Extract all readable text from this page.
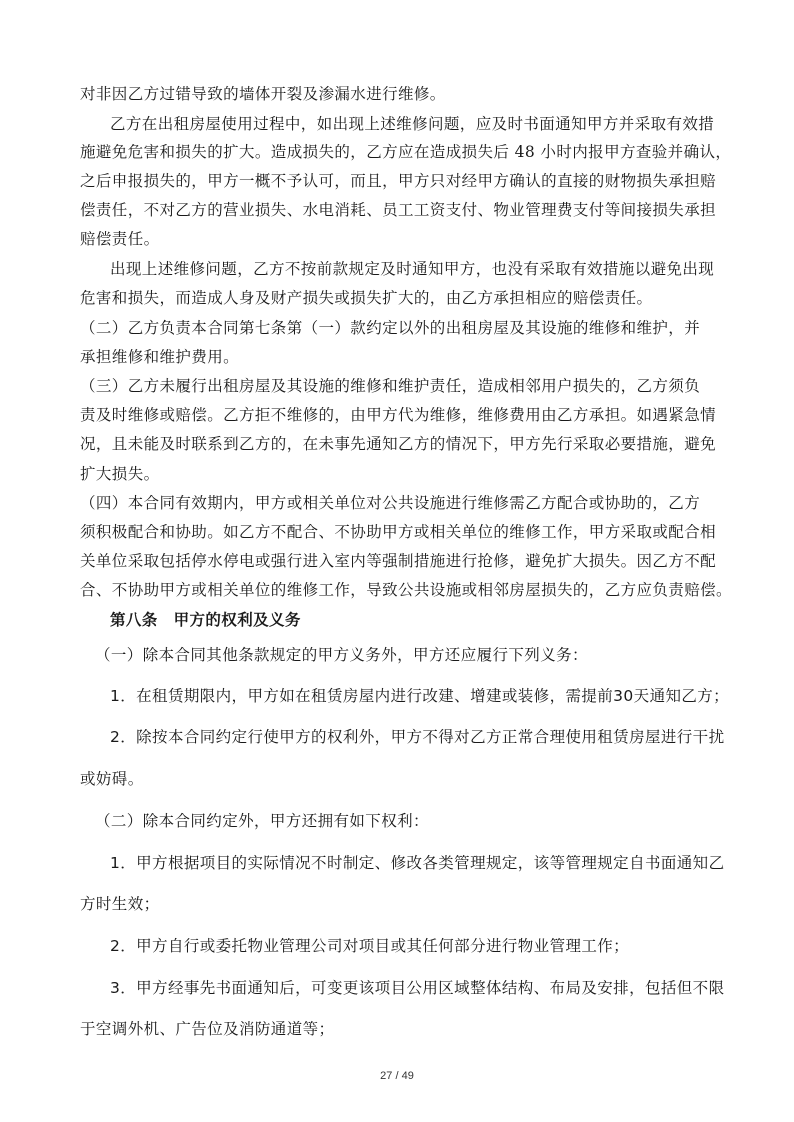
对非因乙方过错导致的墙体开裂及渗漏水进行维修。
乙方在出租房屋使用过程中，如出现上述维修问题，应及时书面通知甲方并采取有效措
施避免危害和损失的扩大。造成损失的，乙方应在造成损失后 48 小时内报甲方查验并确认，
之后申报损失的，甲方一概不予认可，而且，甲方只对经甲方确认的直接的财物损失承担赔
偿责任，不对乙方的营业损失、水电消耗、员工工资支付、物业管理费支付等间接损失承担
赔偿责任。
出现上述维修问题，乙方不按前款规定及时通知甲方，也没有采取有效措施以避免出现
危害和损失，而造成人身及财产损失或损失扩大的，由乙方承担相应的赔偿责任。
（二）乙方负责本合同第七条第（一）款约定以外的出租房屋及其设施的维修和维护，并
承担维修和维护费用。
（三）乙方未履行出租房屋及其设施的维修和维护责任，造成相邻用户损失的，乙方须负
责及时维修或赔偿。乙方拒不维修的，由甲方代为维修，维修费用由乙方承担。如遇紧急情
况，且未能及时联系到乙方的，在未事先通知乙方的情况下，甲方先行采取必要措施，避免
扩大损失。
（四）本合同有效期内，甲方或相关单位对公共设施进行维修需乙方配合或协助的，乙方
须积极配合和协助。如乙方不配合、不协助甲方或相关单位的维修工作，甲方采取或配合相
关单位采取包括停水停电或强行进入室内等强制措施进行抢修，避免扩大损失。因乙方不配
合、不协助甲方或相关单位的维修工作，导致公共设施或相邻房屋损失的，乙方应负责赔偿。
第八条　甲方的权利及义务
（一）除本合同其他条款规定的甲方义务外，甲方还应履行下列义务：
1．在租赁期限内，甲方如在租赁房屋内进行改建、增建或装修，需提前30天通知乙方；
2．除按本合同约定行使甲方的权利外，甲方不得对乙方正常合理使用租赁房屋进行干扰
或妨碍。
（二）除本合同约定外，甲方还拥有如下权利：
1．甲方根据项目的实际情况不时制定、修改各类管理规定，该等管理规定自书面通知乙
方时生效；
2．甲方自行或委托物业管理公司对项目或其任何部分进行物业管理工作；
3．甲方经事先书面通知后，可变更该项目公用区域整体结构、布局及安排，包括但不限
于空调外机、广告位及消防通道等；
27 / 49
